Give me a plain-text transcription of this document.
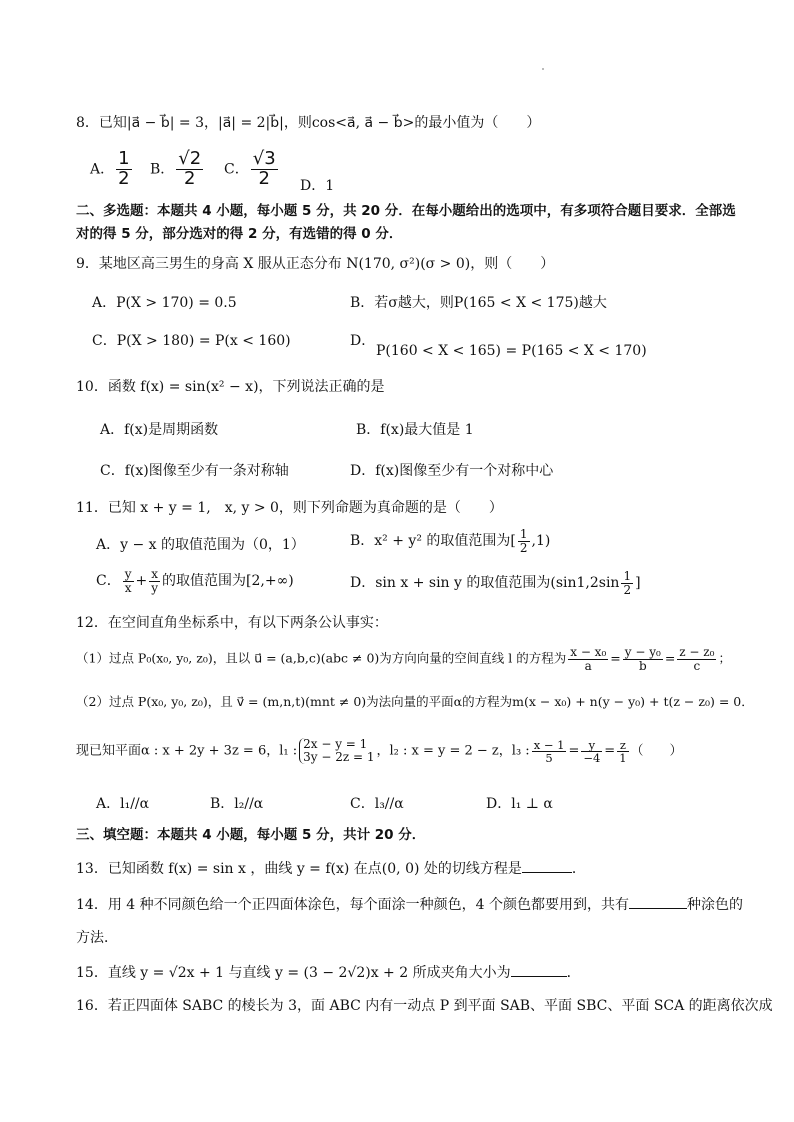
8．已知|a⃗ − b⃗| = 3，|a⃗| = 2|b⃗|，则cos<a⃗, a⃗ − b⃗>的最小值为（　　）
A． $\frac{1}{2}$ B． $\frac{√2}{2}$ C． $\frac{√3}{2}$ D．1
二、多选题：本题共 4 小题，每小题 5 分，共 20 分．在每小题给出的选项中，有多项符合题目要求．全部选
对的得 5 分，部分选对的得 2 分，有选错的得 0 分．
9．某地区高三男生的身高 X 服从正态分布 N(170, σ²)(σ > 0)，则（　　）
A．P(X > 170) = 0.5	B．若σ越大，则P(165 < X < 175)越大
C．P(X > 180) = P(x < 160)	D．
P(160 < X < 165) = P(165 < X < 170)
10．函数 f(x) = sin(x² − x)，下列说法正确的是
A．f(x)是周期函数	B．f(x)最大值是 1
C．f(x)图像至少有一条对称轴	D．f(x)图像至少有一个对称中心
11．已知 x + y = 1,　x, y > 0，则下列命题为真命题的是（　　）
A．y − x 的取值范围为（0，1）	B．x² + y² 的取值范围为[ $\frac{1}{2} ,1$)
C． $\frac{y}{x} + \frac{x}{y}$ 的取值范围为[2,+∞)	D．sin x + sin y 的取值范围为($\sin 1,2\sin \frac{1}{2}$ ]
12．在空间直角坐标系中，有以下两条公认事实：
（1）过点 P₀(x₀, y₀, z₀)，且以 u⃗ = (a,b,c)(abc ≠ 0)为方向向量的空间直线 l 的方程为 $\frac{\text{x − x₀}}{a} = \frac{\text{y − y₀}}{b} = \frac{\text{z − z₀}}{c}$ ；
（2）过点 P(x₀, y₀, z₀)，且 v⃗ = (m,n,t)(mnt ≠ 0)为法向量的平面α的方程为m(x − x₀) + n(y − y₀) + t(z − z₀) = 0．
现已知平面α : x + 2y + 3z = 6，l₁ : 2x − y = 1
3y − 2z = 1 ，l₂ : x = y = 2 − z，l₃ : $\frac{x - 1}{5} = \frac{y}{-4} = \frac{z}{1}$ （　　）
A．l₁//α	B．l₂//α	C．l₃//α	D．l₁ ⊥ α
三、填空题：本题共 4 小题，每小题 5 分，共计 20 分．
13．已知函数 f(x) = sin x ，曲线 y = f(x) 在点(0, 0) 处的切线方程是	．
14．用 4 种不同颜色给一个正四面体涂色，每个面涂一种颜色，4 个颜色都要用到，共有	种涂色的
方法．
15．直线 y = √2x + 1 与直线 y = (3 − 2√2)x + 2 所成夹角大小为	．
16．若正四面体 SABC 的棱长为 3，面 ABC 内有一动点 P 到平面 SAB、平面 SBC、平面 SCA 的距离依次成
